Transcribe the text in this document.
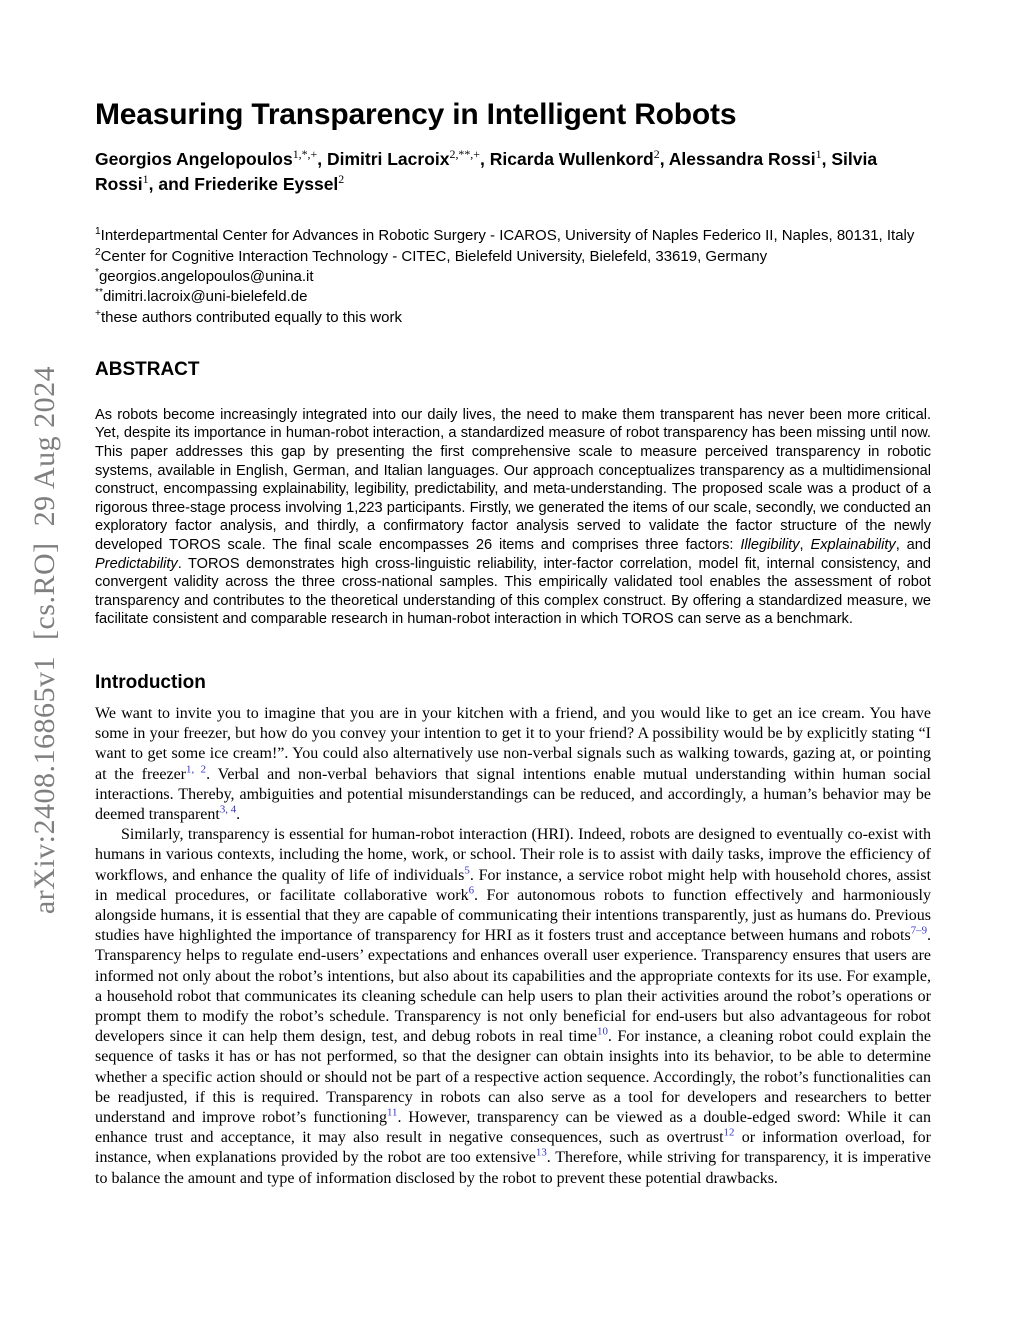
arXiv:2408.16865v1  [cs.RO]  29 Aug 2024
Measuring Transparency in Intelligent Robots
Georgios Angelopoulos$^{1,*,+}$, Dimitri Lacroix$^{2,**,+}$, Ricarda Wullenkord$^2$, Alessandra Rossi$^1$, Silvia Rossi$^1$, and Friederike Eyssel$^2$
$^1$Interdepartmental Center for Advances in Robotic Surgery - ICAROS, University of Naples Federico II, Naples, 80131, Italy
$^2$Center for Cognitive Interaction Technology - CITEC, Bielefeld University, Bielefeld, 33619, Germany
*georgios.angelopoulos@unina.it
**dimitri.lacroix@uni-bielefeld.de
+these authors contributed equally to this work
ABSTRACT
As robots become increasingly integrated into our daily lives, the need to make them transparent has never been more critical. Yet, despite its importance in human-robot interaction, a standardized measure of robot transparency has been missing until now. This paper addresses this gap by presenting the first comprehensive scale to measure perceived transparency in robotic systems, available in English, German, and Italian languages. Our approach conceptualizes transparency as a multidimensional construct, encompassing explainability, legibility, predictability, and meta-understanding. The proposed scale was a product of a rigorous three-stage process involving 1,223 participants. Firstly, we generated the items of our scale, secondly, we conducted an exploratory factor analysis, and thirdly, a confirmatory factor analysis served to validate the factor structure of the newly developed TOROS scale. The final scale encompasses 26 items and comprises three factors: Illegibility, Explainability, and Predictability. TOROS demonstrates high cross-linguistic reliability, inter-factor correlation, model fit, internal consistency, and convergent validity across the three cross-national samples. This empirically validated tool enables the assessment of robot transparency and contributes to the theoretical understanding of this complex construct. By offering a standardized measure, we facilitate consistent and comparable research in human-robot interaction in which TOROS can serve as a benchmark.
Introduction

We want to invite you to imagine that you are in your kitchen with a friend, and you would like to get an ice cream. You have some in your freezer, but how do you convey your intention to get it to your friend? A possibility would be by explicitly stating “I want to get some ice cream!”. You could also alternatively use non-verbal signals such as walking towards, gazing at, or pointing at the freezer$^{1, 2}$. Verbal and non-verbal behaviors that signal intentions enable mutual understanding within human social interactions. Thereby, ambiguities and potential misunderstandings can be reduced, and accordingly, a human’s behavior may be deemed transparent$^{3, 4}$.

Similarly, transparency is essential for human-robot interaction (HRI). Indeed, robots are designed to eventually co-exist with humans in various contexts, including the home, work, or school. Their role is to assist with daily tasks, improve the efficiency of workflows, and enhance the quality of life of individuals$^5$. For instance, a service robot might help with household chores, assist in medical procedures, or facilitate collaborative work$^6$. For autonomous robots to function effectively and harmoniously alongside humans, it is essential that they are capable of communicating their intentions transparently, just as humans do. Previous studies have highlighted the importance of transparency for HRI as it fosters trust and acceptance between humans and robots$^{7-9}$. Transparency helps to regulate end-users’ expectations and enhances overall user experience. Transparency ensures that users are informed not only about the robot’s intentions, but also about its capabilities and the appropriate contexts for its use. For example, a household robot that communicates its cleaning schedule can help users to plan their activities around the robot’s operations or prompt them to modify the robot’s schedule. Transparency is not only beneficial for end-users but also advantageous for robot developers since it can help them design, test, and debug robots in real time$^{10}$. For instance, a cleaning robot could explain the sequence of tasks it has or has not performed, so that the designer can obtain insights into its behavior, to be able to determine whether a specific action should or should not be part of a respective action sequence. Accordingly, the robot’s functionalities can be readjusted, if this is required. Transparency in robots can also serve as a tool for developers and researchers to better understand and improve robot’s functioning$^{11}$. However, transparency can be viewed as a double-edged sword: While it can enhance trust and acceptance, it may also result in negative consequences, such as overtrust$^{12}$ or information overload, for instance, when explanations provided by the robot are too extensive$^{13}$. Therefore, while striving for transparency, it is imperative to balance the amount and type of information disclosed by the robot to prevent these potential drawbacks.
